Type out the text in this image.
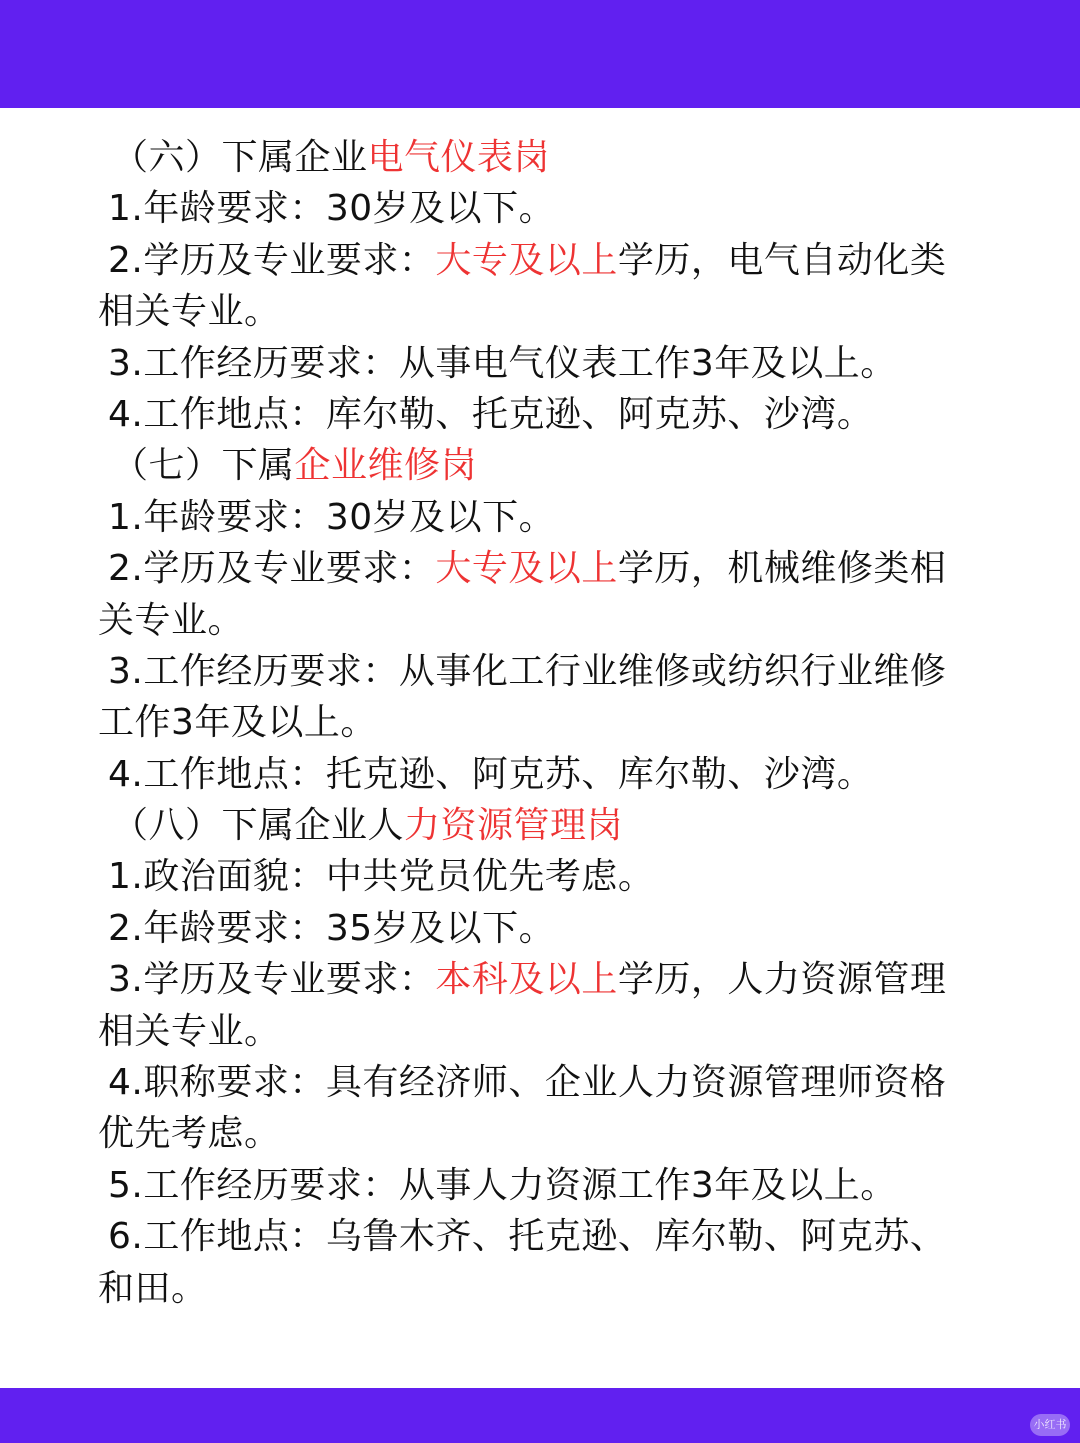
（六）下属企业电气仪表岗
1.年龄要求：30岁及以下。
2.学历及专业要求：大专及以上学历，电气自动化类
相关专业。
3.工作经历要求：从事电气仪表工作3年及以上。
4.工作地点：库尔勒、托克逊、阿克苏、沙湾。
（七）下属企业维修岗
1.年龄要求：30岁及以下。
2.学历及专业要求：大专及以上学历，机械维修类相
关专业。
3.工作经历要求：从事化工行业维修或纺织行业维修
工作3年及以上。
4.工作地点：托克逊、阿克苏、库尔勒、沙湾。
（八）下属企业人力资源管理岗
1.政治面貌：中共党员优先考虑。
2.年龄要求：35岁及以下。
3.学历及专业要求：本科及以上学历，人力资源管理
相关专业。
4.职称要求：具有经济师、企业人力资源管理师资格
优先考虑。
5.工作经历要求：从事人力资源工作3年及以上。
6.工作地点：乌鲁木齐、托克逊、库尔勒、阿克苏、
和田。
小红书
